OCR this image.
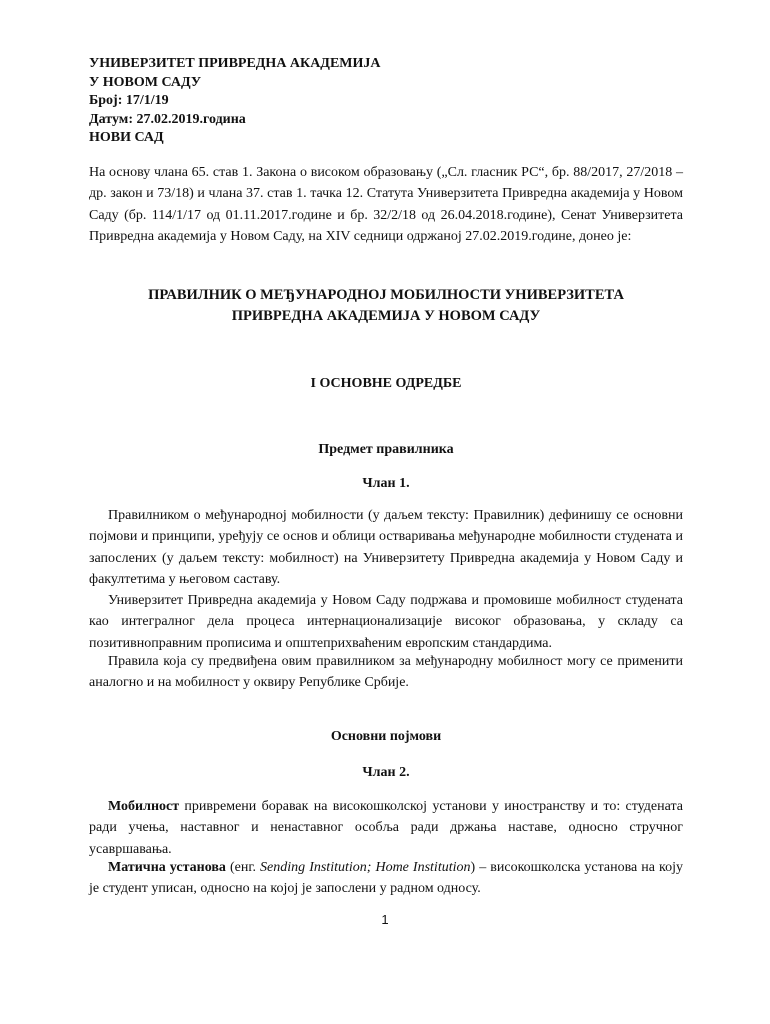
УНИВЕРЗИТЕТ ПРИВРЕДНА АКАДЕМИЈА
У НОВОМ САДУ
Број: 17/1/19
Датум: 27.02.2019.година
НОВИ САД

На основу члана 65. став 1. Закона о високом образовању („Сл. гласник РС“, бр. 88/2017, 27/2018 – др. закон и 73/18) и члана 37. став 1. тачка 12. Статута Универзитета Привредна академија у Новом Саду (бр. 114/1/17 од 01.11.2017.године и бр. 32/2/18 од 26.04.2018.године), Сенат Универзитета Привредна академија у Новом Саду, на XIV седници одржаној 27.02.2019.године, донео је:

ПРАВИЛНИК О МЕЂУНАРОДНОЈ МОБИЛНОСТИ УНИВЕРЗИТЕТА
ПРИВРЕДНА АКАДЕМИЈА У НОВОМ САДУ
I ОСНОВНЕ ОДРЕДБЕ
Предмет правилника
Члан 1.

Правилником о међународној мобилности (у даљем тексту: Правилник) дефинишу се основни појмови и принципи, уређују се основ и облици остваривања међународне мобилности студената и запослених (у даљем тексту: мобилност) на Универзитету Привредна академија у Новом Саду и факултетима у његовом саставу.

Универзитет Привредна академија у Новом Саду подржава и промовише мобилност студената као интегралног дела процеса интернационализације високог образовања, у складу са позитивноправним прописима и општеприхваћеним европским стандардима.

Правила која су предвиђена овим правилником за међународну мобилност могу се применити аналогно и на мобилност у оквиру Републике Србије.

Основни појмови
Члан 2.

Мобилност привремени боравак на високошколској установи у иностранству и то: студената ради учења, наставног и ненаставног особља ради држања наставе, односно стручног усавршавања.

Матична установа (енг. Sending Institution; Home Institution) – високошколска установа на коју је студент уписан, односно на којој је запослени у радном односу.

1
